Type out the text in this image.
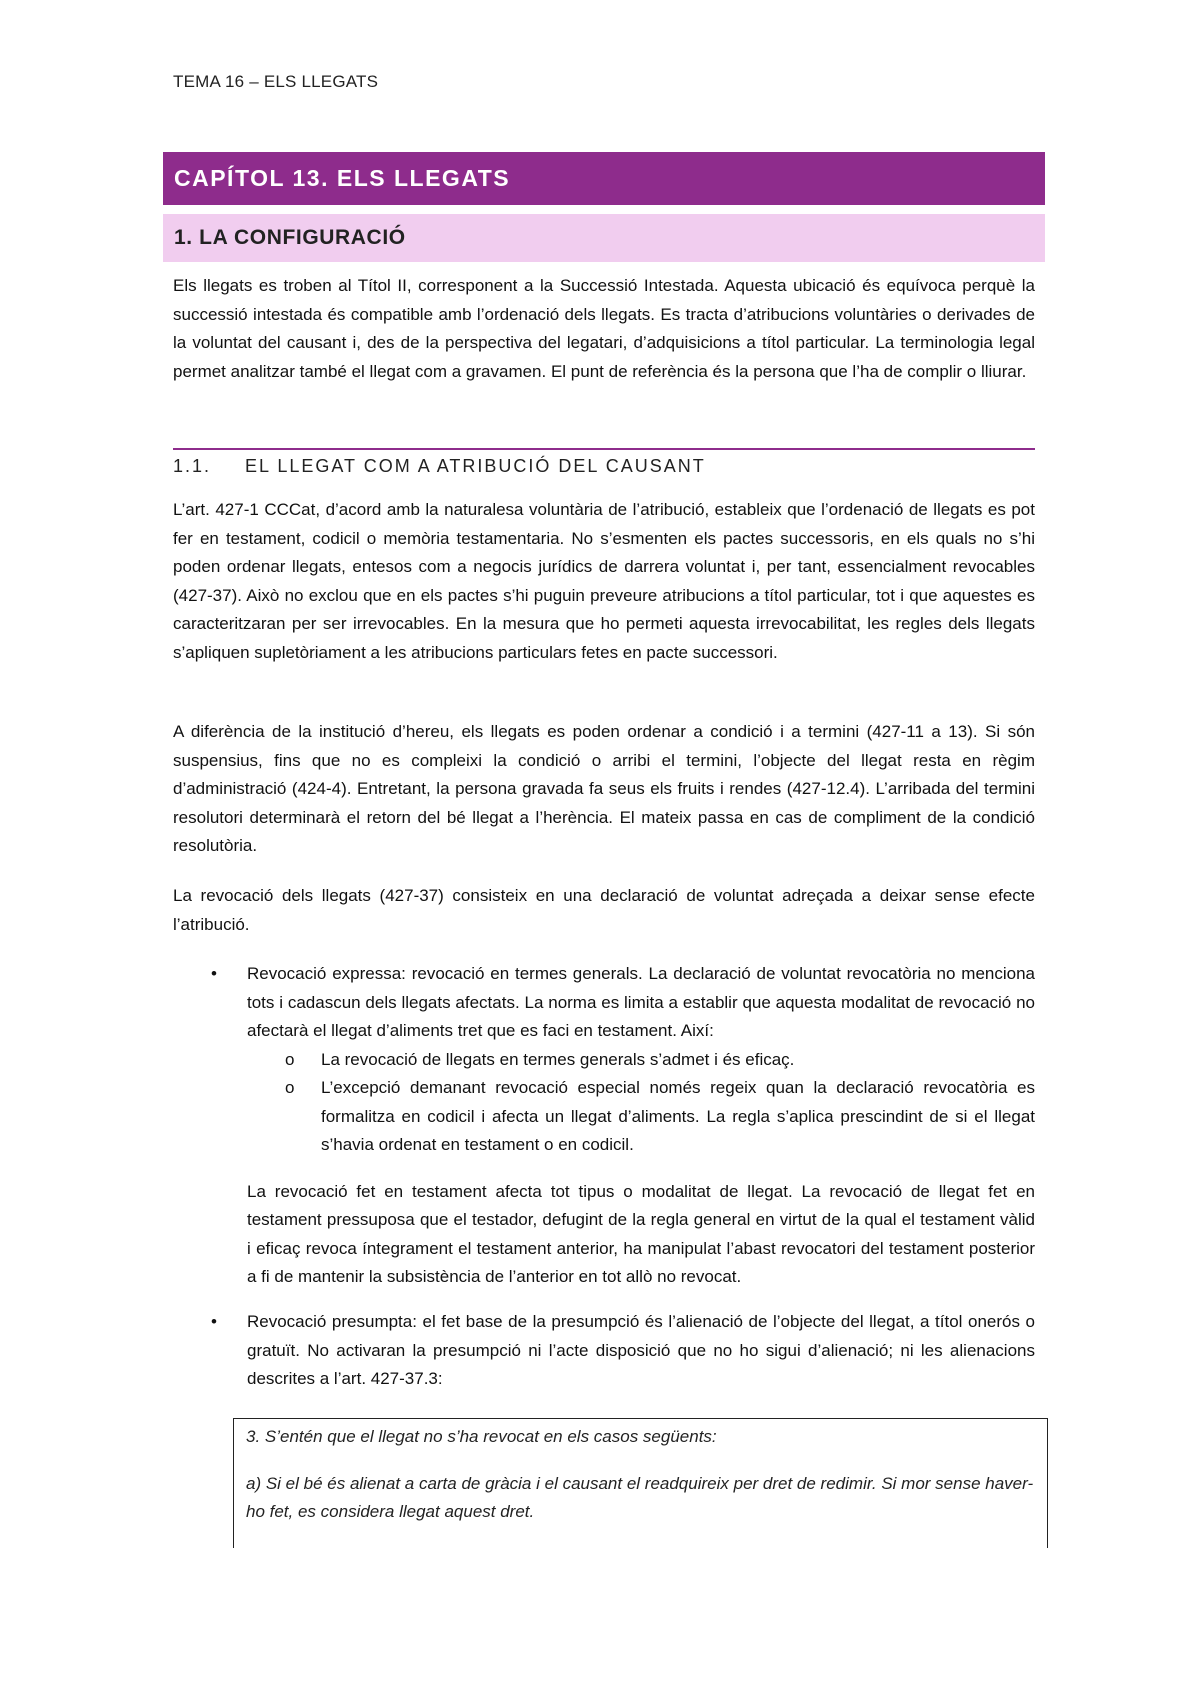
TEMA 16 – ELS LLEGATS
CAPÍTOL 13. ELS LLEGATS
1. LA CONFIGURACIÓ

Els llegats es troben al Títol II, corresponent a la Successió Intestada. Aquesta ubicació és equívoca perquè la successió intestada és compatible amb l’ordenació dels llegats. Es tracta d’atribucions voluntàries o derivades de la voluntat del causant i, des de la perspectiva del legatari, d’adquisicions a títol particular. La terminologia legal permet analitzar també el llegat com a gravamen. El punt de referència és la persona que l’ha de complir o lliurar.

1.1. EL LLEGAT COM A ATRIBUCIÓ DEL CAUSANT

L’art. 427-1 CCCat, d’acord amb la naturalesa voluntària de l’atribució, estableix que l’ordenació de llegats es pot fer en testament, codicil o memòria testamentaria. No s’esmenten els pactes successoris, en els quals no s’hi poden ordenar llegats, entesos com a negocis jurídics de darrera voluntat i, per tant, essencialment revocables (427-37). Això no exclou que en els pactes s’hi puguin preveure atribucions a títol particular, tot i que aquestes es caracteritzaran per ser irrevocables. En la mesura que ho permeti aquesta irrevocabilitat, les regles dels llegats s’apliquen supletòriament a les atribucions particulars fetes en pacte successori.

A diferència de la institució d’hereu, els llegats es poden ordenar a condició i a termini (427-11 a 13). Si són suspensius, fins que no es compleixi la condició o arribi el termini, l’objecte del llegat resta en règim d’administració (424-4). Entretant, la persona gravada fa seus els fruits i rendes (427-12.4). L’arribada del termini resolutori determinarà el retorn del bé llegat a l’herència. El mateix passa en cas de compliment de la condició resolutòria.

La revocació dels llegats (427-37) consisteix en una declaració de voluntat adreçada a deixar sense efecte l’atribució.

• Revocació expressa: revocació en termes generals. La declaració de voluntat revocatòria no menciona tots i cadascun dels llegats afectats. La norma es limita a establir que aquesta modalitat de revocació no afectarà el llegat d’aliments tret que es faci en testament. Així:
o La revocació de llegats en termes generals s’admet i és eficaç.
o L’excepció demanant revocació especial només regeix quan la declaració revocatòria es formalitza en codicil i afecta un llegat d’aliments. La regla s’aplica prescindint de si el llegat s’havia ordenat en testament o en codicil.
La revocació fet en testament afecta tot tipus o modalitat de llegat. La revocació de llegat fet en testament pressuposa que el testador, defugint de la regla general en virtut de la qual el testament vàlid i eficaç revoca íntegrament el testament anterior, ha manipulat l’abast revocatori del testament posterior a fi de mantenir la subsistència de l’anterior en tot allò no revocat.
• Revocació presumpta: el fet base de la presumpció és l’alienació de l’objecte del llegat, a títol onerós o gratuït. No activaran la presumpció ni l’acte disposició que no ho sigui d’alienació; ni les alienacions descrites a l’art. 427-37.3:

3. S’entén que el llegat no s’ha revocat en els casos següents:

a) Si el bé és alienat a carta de gràcia i el causant el readquireix per dret de redimir. Si mor sense haver-ho fet, es considera llegat aquest dret.
